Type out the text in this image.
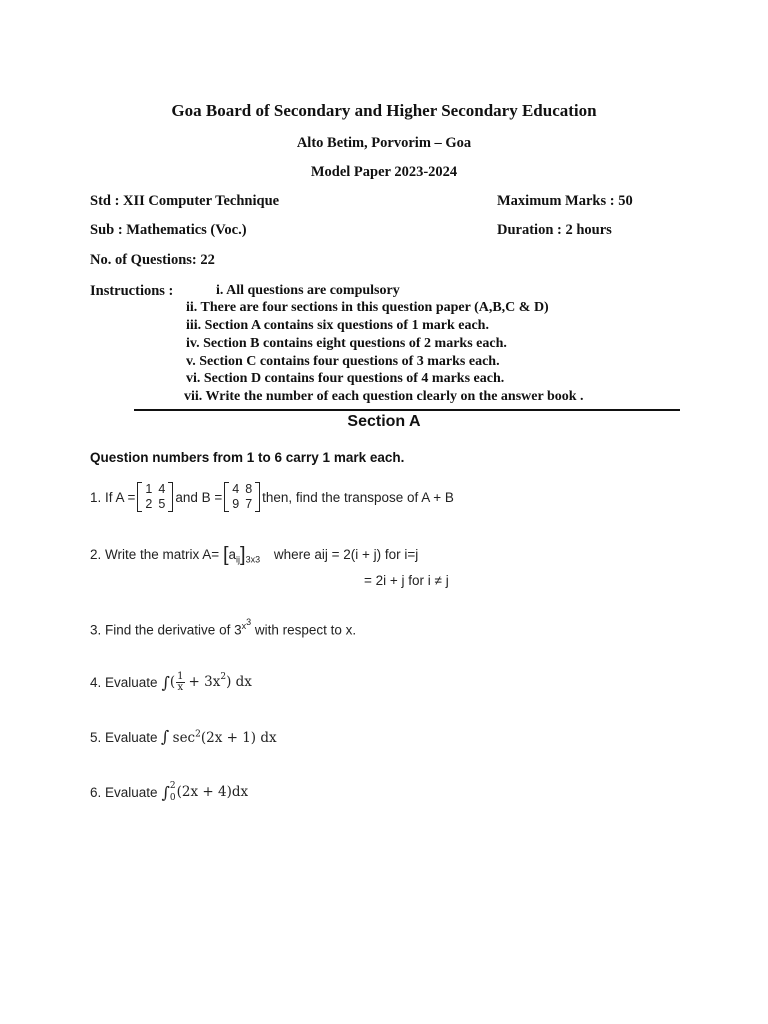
Goa Board of Secondary and Higher Secondary Education
Alto Betim, Porvorim – Goa
Model Paper 2023-2024
Std : XII Computer Technique	Maximum Marks : 50
Sub : Mathematics (Voc.)	Duration : 2 hours
No. of Questions: 22
Instructions :	i. All questions are compulsory
ii. There are four sections in this question paper (A,B,C & D)
iii. Section A contains six questions of 1 mark each.
iv. Section B contains eight questions of 2 marks each.
v. Section C contains four questions of 3 marks each.
vi. Section D contains four questions of 4 marks each.
vii. Write the number of each question clearly on the answer book .
Section A
Question numbers from 1 to 6 carry 1 mark each.
1. If A =
1	4
2	5 and B =
4	8
9	7 then, find the transpose of A + B
2. Write the matrix $A= [a_{ij}]_{3x3}$ where aij = 2(i + j) for i=j
= 2i + j for i ≠ j
3. Find the derivative of $3^{x^3}$ with respect to x.
4. Evaluate ∫ ( $\frac{1}{x} + 3x^2$ ) dx
5. Evaluate ∫ $\sec^2(2x + 1)$ dx
6. Evaluate ∫ 2
0 (2x + 4)dx
